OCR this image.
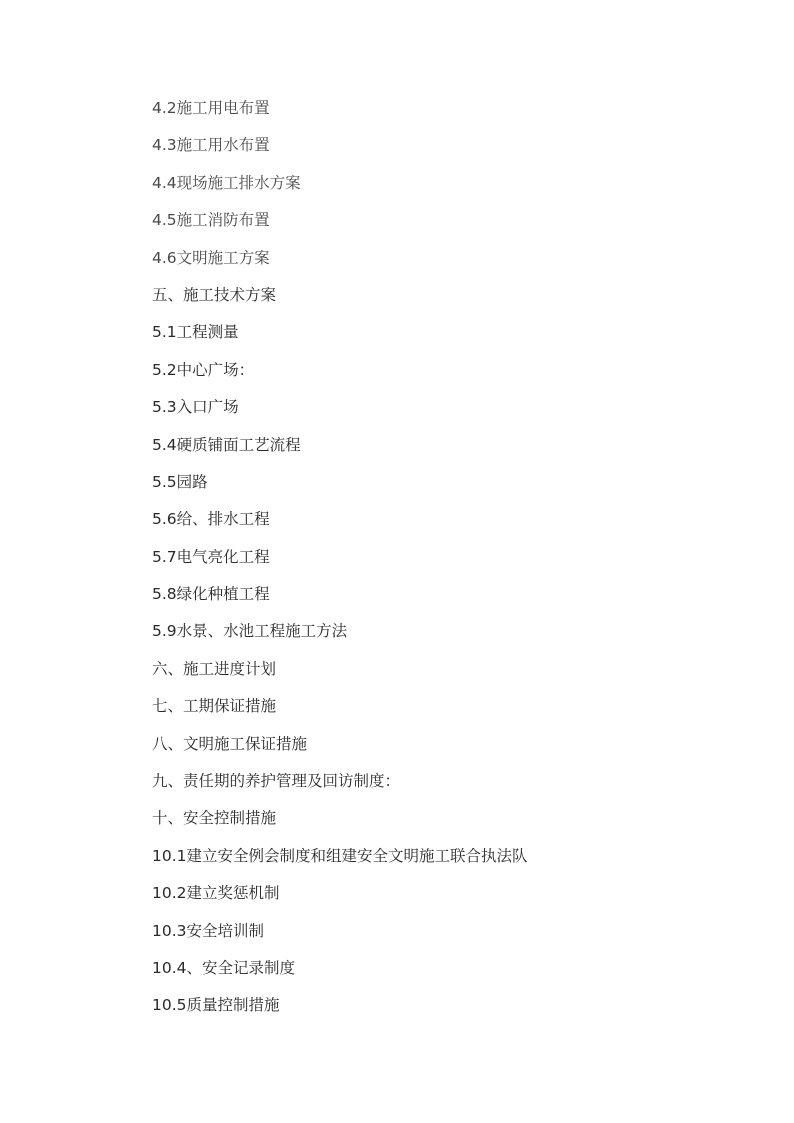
4.2施工用电布置
4.3施工用水布置
4.4现场施工排水方案
4.5施工消防布置
4.6文明施工方案
五、施工技术方案
5.1工程测量
5.2中心广场：
5.3入口广场
5.4硬质铺面工艺流程
5.5园路
5.6给、排水工程
5.7电气亮化工程
5.8绿化种植工程
5.9水景、水池工程施工方法
六、施工进度计划
七、工期保证措施
八、文明施工保证措施
九、责任期的养护管理及回访制度：
十、安全控制措施
10.1建立安全例会制度和组建安全文明施工联合执法队
10.2建立奖惩机制
10.3安全培训制
10.4、安全记录制度
10.5质量控制措施
